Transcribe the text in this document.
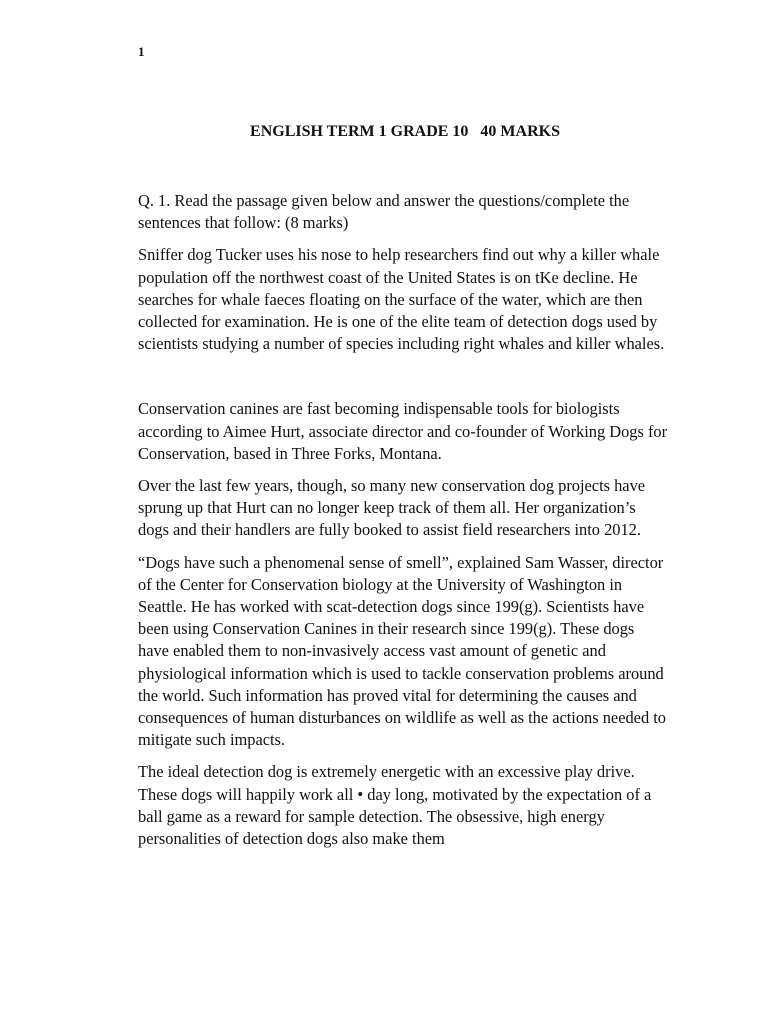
1
ENGLISH TERM 1 GRADE 10   40 MARKS

Q. 1. Read the passage given below and answer the questions/complete the sentences that follow: (8 marks)

Sniffer dog Tucker uses his nose to help researchers find out why a killer whale population off the northwest coast of the United States is on tKe decline. He searches for whale faeces floating on the surface of the water, which are then collected for examination. He is one of the elite team of detection dogs used by scientists studying a number of species including right whales and killer whales.

Conservation canines are fast becoming indispensable tools for biologists according to Aimee Hurt, associate director and co-founder of Working Dogs for Conservation, based in Three Forks, Montana.

Over the last few years, though, so many new conservation dog projects have sprung up that Hurt can no longer keep track of them all. Her organization’s dogs and their handlers are fully booked to assist field researchers into 2012.

“Dogs have such a phenomenal sense of smell”, explained Sam Wasser, director of the Center for Conservation biology at the University of Washington in Seattle. He has worked with scat-detection dogs since 199(g). Scientists have been using Conservation Canines in their research since 199(g). These dogs have enabled them to non-invasively access vast amount of genetic and physiological information which is used to tackle conservation problems around the world. Such information has proved vital for determining the causes and consequences of human disturbances on wildlife as well as the actions needed to mitigate such impacts.

The ideal detection dog is extremely energetic with an excessive play drive. These dogs will happily work all • day long, motivated by the expectation of a ball game as a reward for sample detection. The obsessive, high energy personalities of detection dogs also make them
